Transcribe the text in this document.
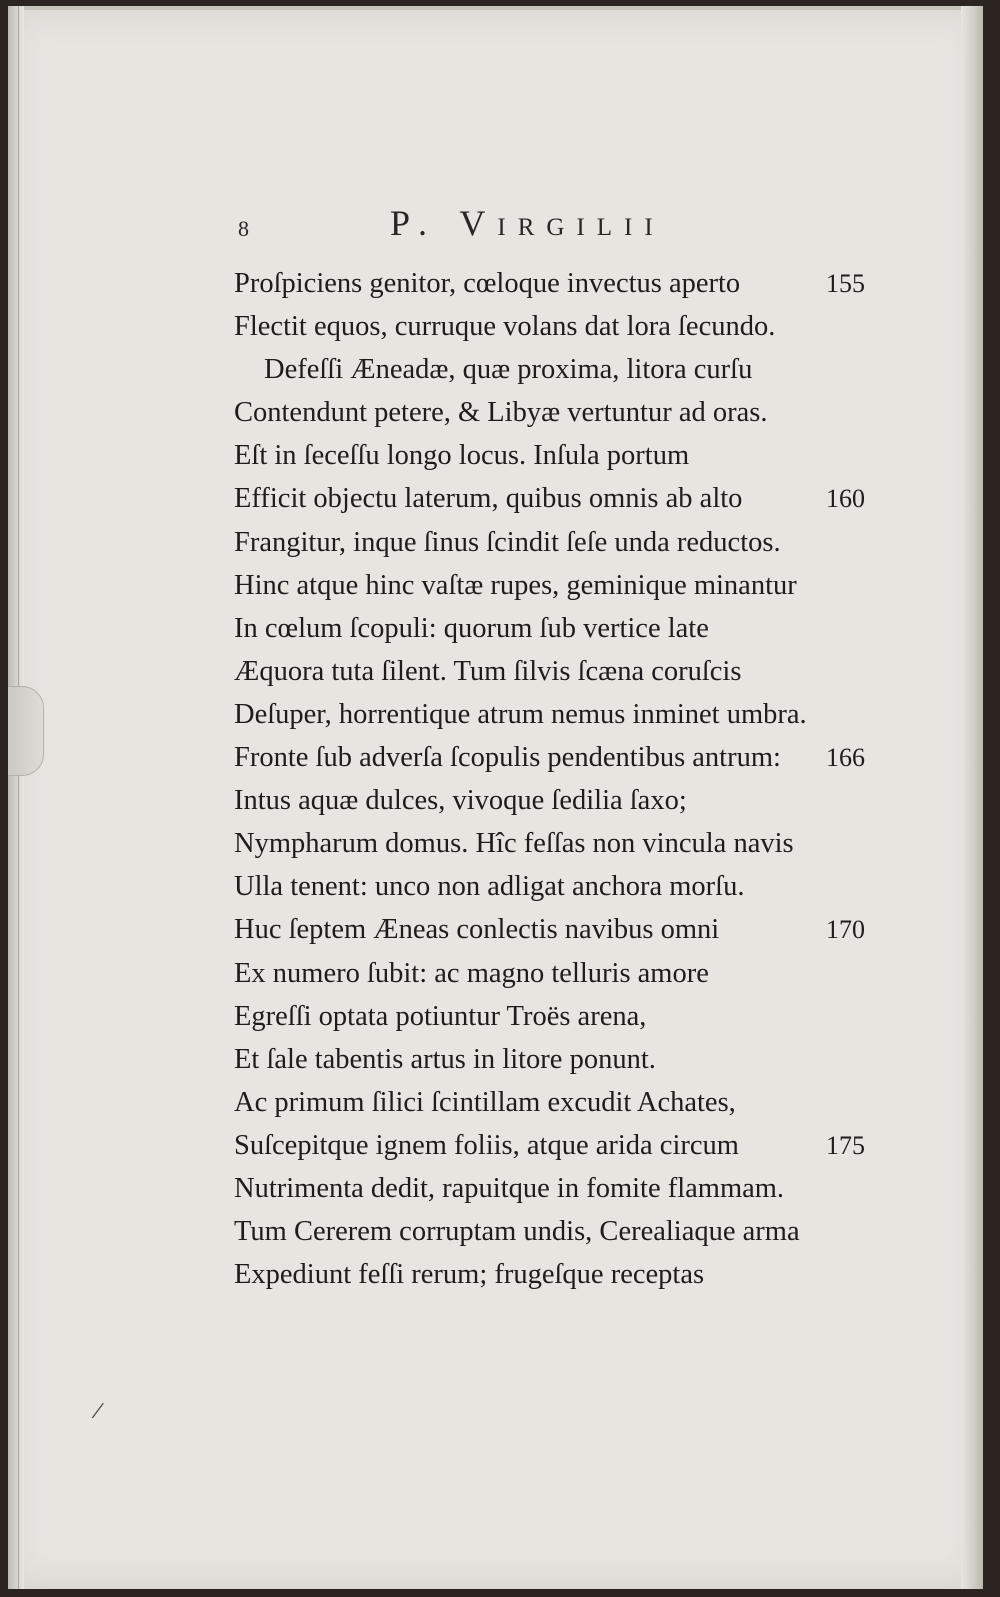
8	P. Virgilii
Proſpiciens genitor, cœloque invectus aperto	155
Flectit equos, curruque volans dat lora ſecundo.
Defeſſi Æneadæ, quæ proxima, litora curſu
Contendunt petere, & Libyæ vertuntur ad oras.
Eſt in ſeceſſu longo locus. Inſula portum
Efficit objectu laterum, quibus omnis ab alto	160
Frangitur, inque ſinus ſcindit ſeſe unda reductos.
Hinc atque hinc vaſtæ rupes, geminique minantur
In cœlum ſcopuli: quorum ſub vertice late
Æquora tuta ſilent. Tum ſilvis ſcæna coruſcis
Deſuper, horrentique atrum nemus inminet umbra.
Fronte ſub adverſa ſcopulis pendentibus antrum: 166
Intus aquæ dulces, vivoque ſedilia ſaxo;
Nympharum domus. Hîc feſſas non vincula navis
Ulla tenent: unco non adligat anchora morſu.
Huc ſeptem Æneas conlectis navibus omni	170
Ex numero ſubit: ac magno telluris amore
Egreſſi optata potiuntur Troës arena,
Et ſale tabentis artus in litore ponunt.
Ac primum ſilici ſcintillam excudit Achates,
Suſcepitque ignem foliis, atque arida circum	175
Nutrimenta dedit, rapuitque in fomite flammam.
Tum Cererem corruptam undis, Cerealiaque arma
Expediunt feſſi rerum; frugeſque receptas
/
